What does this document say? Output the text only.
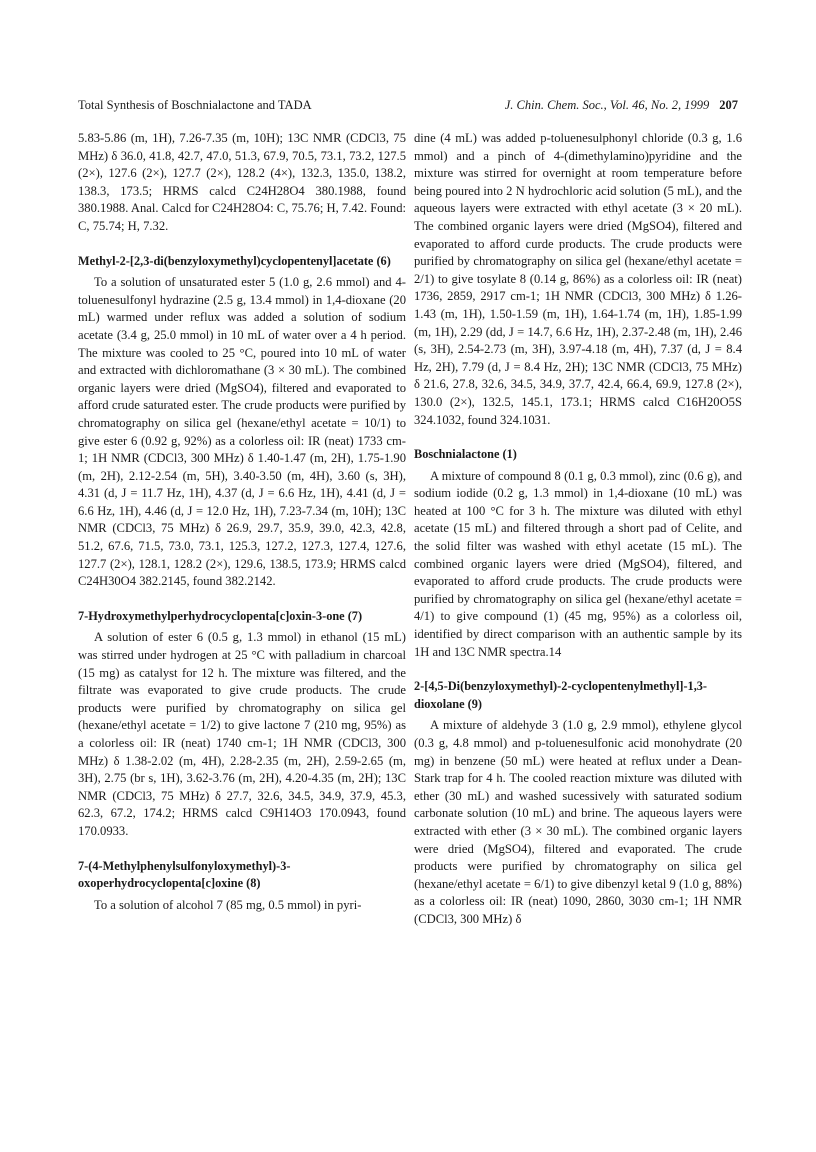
Total Synthesis of Boschnialactone and TADA	J. Chin. Chem. Soc., Vol. 46, No. 2, 1999 207

5.83-5.86 (m, 1H), 7.26-7.35 (m, 10H); 13C NMR (CDCl3, 75 MHz) δ 36.0, 41.8, 42.7, 47.0, 51.3, 67.9, 70.5, 73.1, 73.2, 127.5 (2×), 127.6 (2×), 127.7 (2×), 128.2 (4×), 132.3, 135.0, 138.2, 138.3, 173.5; HRMS calcd C24H28O4 380.1988, found 380.1988. Anal. Calcd for C24H28O4: C, 75.76; H, 7.42. Found: C, 75.74; H, 7.32.

Methyl-2-[2,3-di(benzyloxymethyl)cyclopentenyl]acetate (6)

To a solution of unsaturated ester 5 (1.0 g, 2.6 mmol) and 4-toluenesulfonyl hydrazine (2.5 g, 13.4 mmol) in 1,4-dioxane (20 mL) warmed under reflux was added a solution of sodium acetate (3.4 g, 25.0 mmol) in 10 mL of water over a 4 h period. The mixture was cooled to 25 °C, poured into 10 mL of water and extracted with dichloromathane (3 × 30 mL). The combined organic layers were dried (MgSO4), filtered and evaporated to afford crude saturated ester. The crude products were purified by chromatography on silica gel (hexane/ethyl acetate = 10/1) to give ester 6 (0.92 g, 92%) as a colorless oil: IR (neat) 1733 cm-1; 1H NMR (CDCl3, 300 MHz) δ 1.40-1.47 (m, 2H), 1.75-1.90 (m, 2H), 2.12-2.54 (m, 5H), 3.40-3.50 (m, 4H), 3.60 (s, 3H), 4.31 (d, J = 11.7 Hz, 1H), 4.37 (d, J = 6.6 Hz, 1H), 4.41 (d, J = 6.6 Hz, 1H), 4.46 (d, J = 12.0 Hz, 1H), 7.23-7.34 (m, 10H); 13C NMR (CDCl3, 75 MHz) δ 26.9, 29.7, 35.9, 39.0, 42.3, 42.8, 51.2, 67.6, 71.5, 73.0, 73.1, 125.3, 127.2, 127.3, 127.4, 127.6, 127.7 (2×), 128.1, 128.2 (2×), 129.6, 138.5, 173.9; HRMS calcd C24H30O4 382.2145, found 382.2142.

7-Hydroxymethylperhydrocyclopenta[c]oxin-3-one (7)

A solution of ester 6 (0.5 g, 1.3 mmol) in ethanol (15 mL) was stirred under hydrogen at 25 °C with palladium in charcoal (15 mg) as catalyst for 12 h. The mixture was filtered, and the filtrate was evaporated to give crude products. The crude products were purified by chromatography on silica gel (hexane/ethyl acetate = 1/2) to give lactone 7 (210 mg, 95%) as a colorless oil: IR (neat) 1740 cm-1; 1H NMR (CDCl3, 300 MHz) δ 1.38-2.02 (m, 4H), 2.28-2.35 (m, 2H), 2.59-2.65 (m, 3H), 2.75 (br s, 1H), 3.62-3.76 (m, 2H), 4.20-4.35 (m, 2H); 13C NMR (CDCl3, 75 MHz) δ 27.7, 32.6, 34.5, 34.9, 37.9, 45.3, 62.3, 67.2, 174.2; HRMS calcd C9H14O3 170.0943, found 170.0933.

7-(4-Methylphenylsulfonyloxymethyl)-3-oxoperhydrocyclopenta[c]oxine (8)

To a solution of alcohol 7 (85 mg, 0.5 mmol) in pyri-

dine (4 mL) was added p-toluenesulphonyl chloride (0.3 g, 1.6 mmol) and a pinch of 4-(dimethylamino)pyridine and the mixture was stirred for overnight at room temperature before being poured into 2 N hydrochloric acid solution (5 mL), and the aqueous layers were extracted with ethyl acetate (3 × 20 mL). The combined organic layers were dried (MgSO4), filtered and evaporated to afford curde products. The crude products were purified by chromatography on silica gel (hexane/ethyl acetate = 2/1) to give tosylate 8 (0.14 g, 86%) as a colorless oil: IR (neat) 1736, 2859, 2917 cm-1; 1H NMR (CDCl3, 300 MHz) δ 1.26-1.43 (m, 1H), 1.50-1.59 (m, 1H), 1.64-1.74 (m, 1H), 1.85-1.99 (m, 1H), 2.29 (dd, J = 14.7, 6.6 Hz, 1H), 2.37-2.48 (m, 1H), 2.46 (s, 3H), 2.54-2.73 (m, 3H), 3.97-4.18 (m, 4H), 7.37 (d, J = 8.4 Hz, 2H), 7.79 (d, J = 8.4 Hz, 2H); 13C NMR (CDCl3, 75 MHz) δ 21.6, 27.8, 32.6, 34.5, 34.9, 37.7, 42.4, 66.4, 69.9, 127.8 (2×), 130.0 (2×), 132.5, 145.1, 173.1; HRMS calcd C16H20O5S 324.1032, found 324.1031.

Boschnialactone (1)

A mixture of compound 8 (0.1 g, 0.3 mmol), zinc (0.6 g), and sodium iodide (0.2 g, 1.3 mmol) in 1,4-dioxane (10 mL) was heated at 100 °C for 3 h. The mixture was diluted with ethyl acetate (15 mL) and filtered through a short pad of Celite, and the solid filter was washed with ethyl acetate (15 mL). The combined organic layers were dried (MgSO4), filtered, and evaporated to afford crude products. The crude products were purified by chromatography on silica gel (hexane/ethyl acetate = 4/1) to give compound (1) (45 mg, 95%) as a colorless oil, identified by direct comparison with an authentic sample by its 1H and 13C NMR spectra.14

2-[4,5-Di(benzyloxymethyl)-2-cyclopentenylmethyl]-1,3-dioxolane (9)

A mixture of aldehyde 3 (1.0 g, 2.9 mmol), ethylene glycol (0.3 g, 4.8 mmol) and p-toluenesulfonic acid monohydrate (20 mg) in benzene (50 mL) were heated at reflux under a Dean-Stark trap for 4 h. The cooled reaction mixture was diluted with ether (30 mL) and washed sucessively with saturated sodium carbonate solution (10 mL) and brine. The aqueous layers were extracted with ether (3 × 30 mL). The combined organic layers were dried (MgSO4), filtered and evaporated. The crude products were purified by chromatography on silica gel (hexane/ethyl acetate = 6/1) to give dibenzyl ketal 9 (1.0 g, 88%) as a colorless oil: IR (neat) 1090, 2860, 3030 cm-1; 1H NMR (CDCl3, 300 MHz) δ
